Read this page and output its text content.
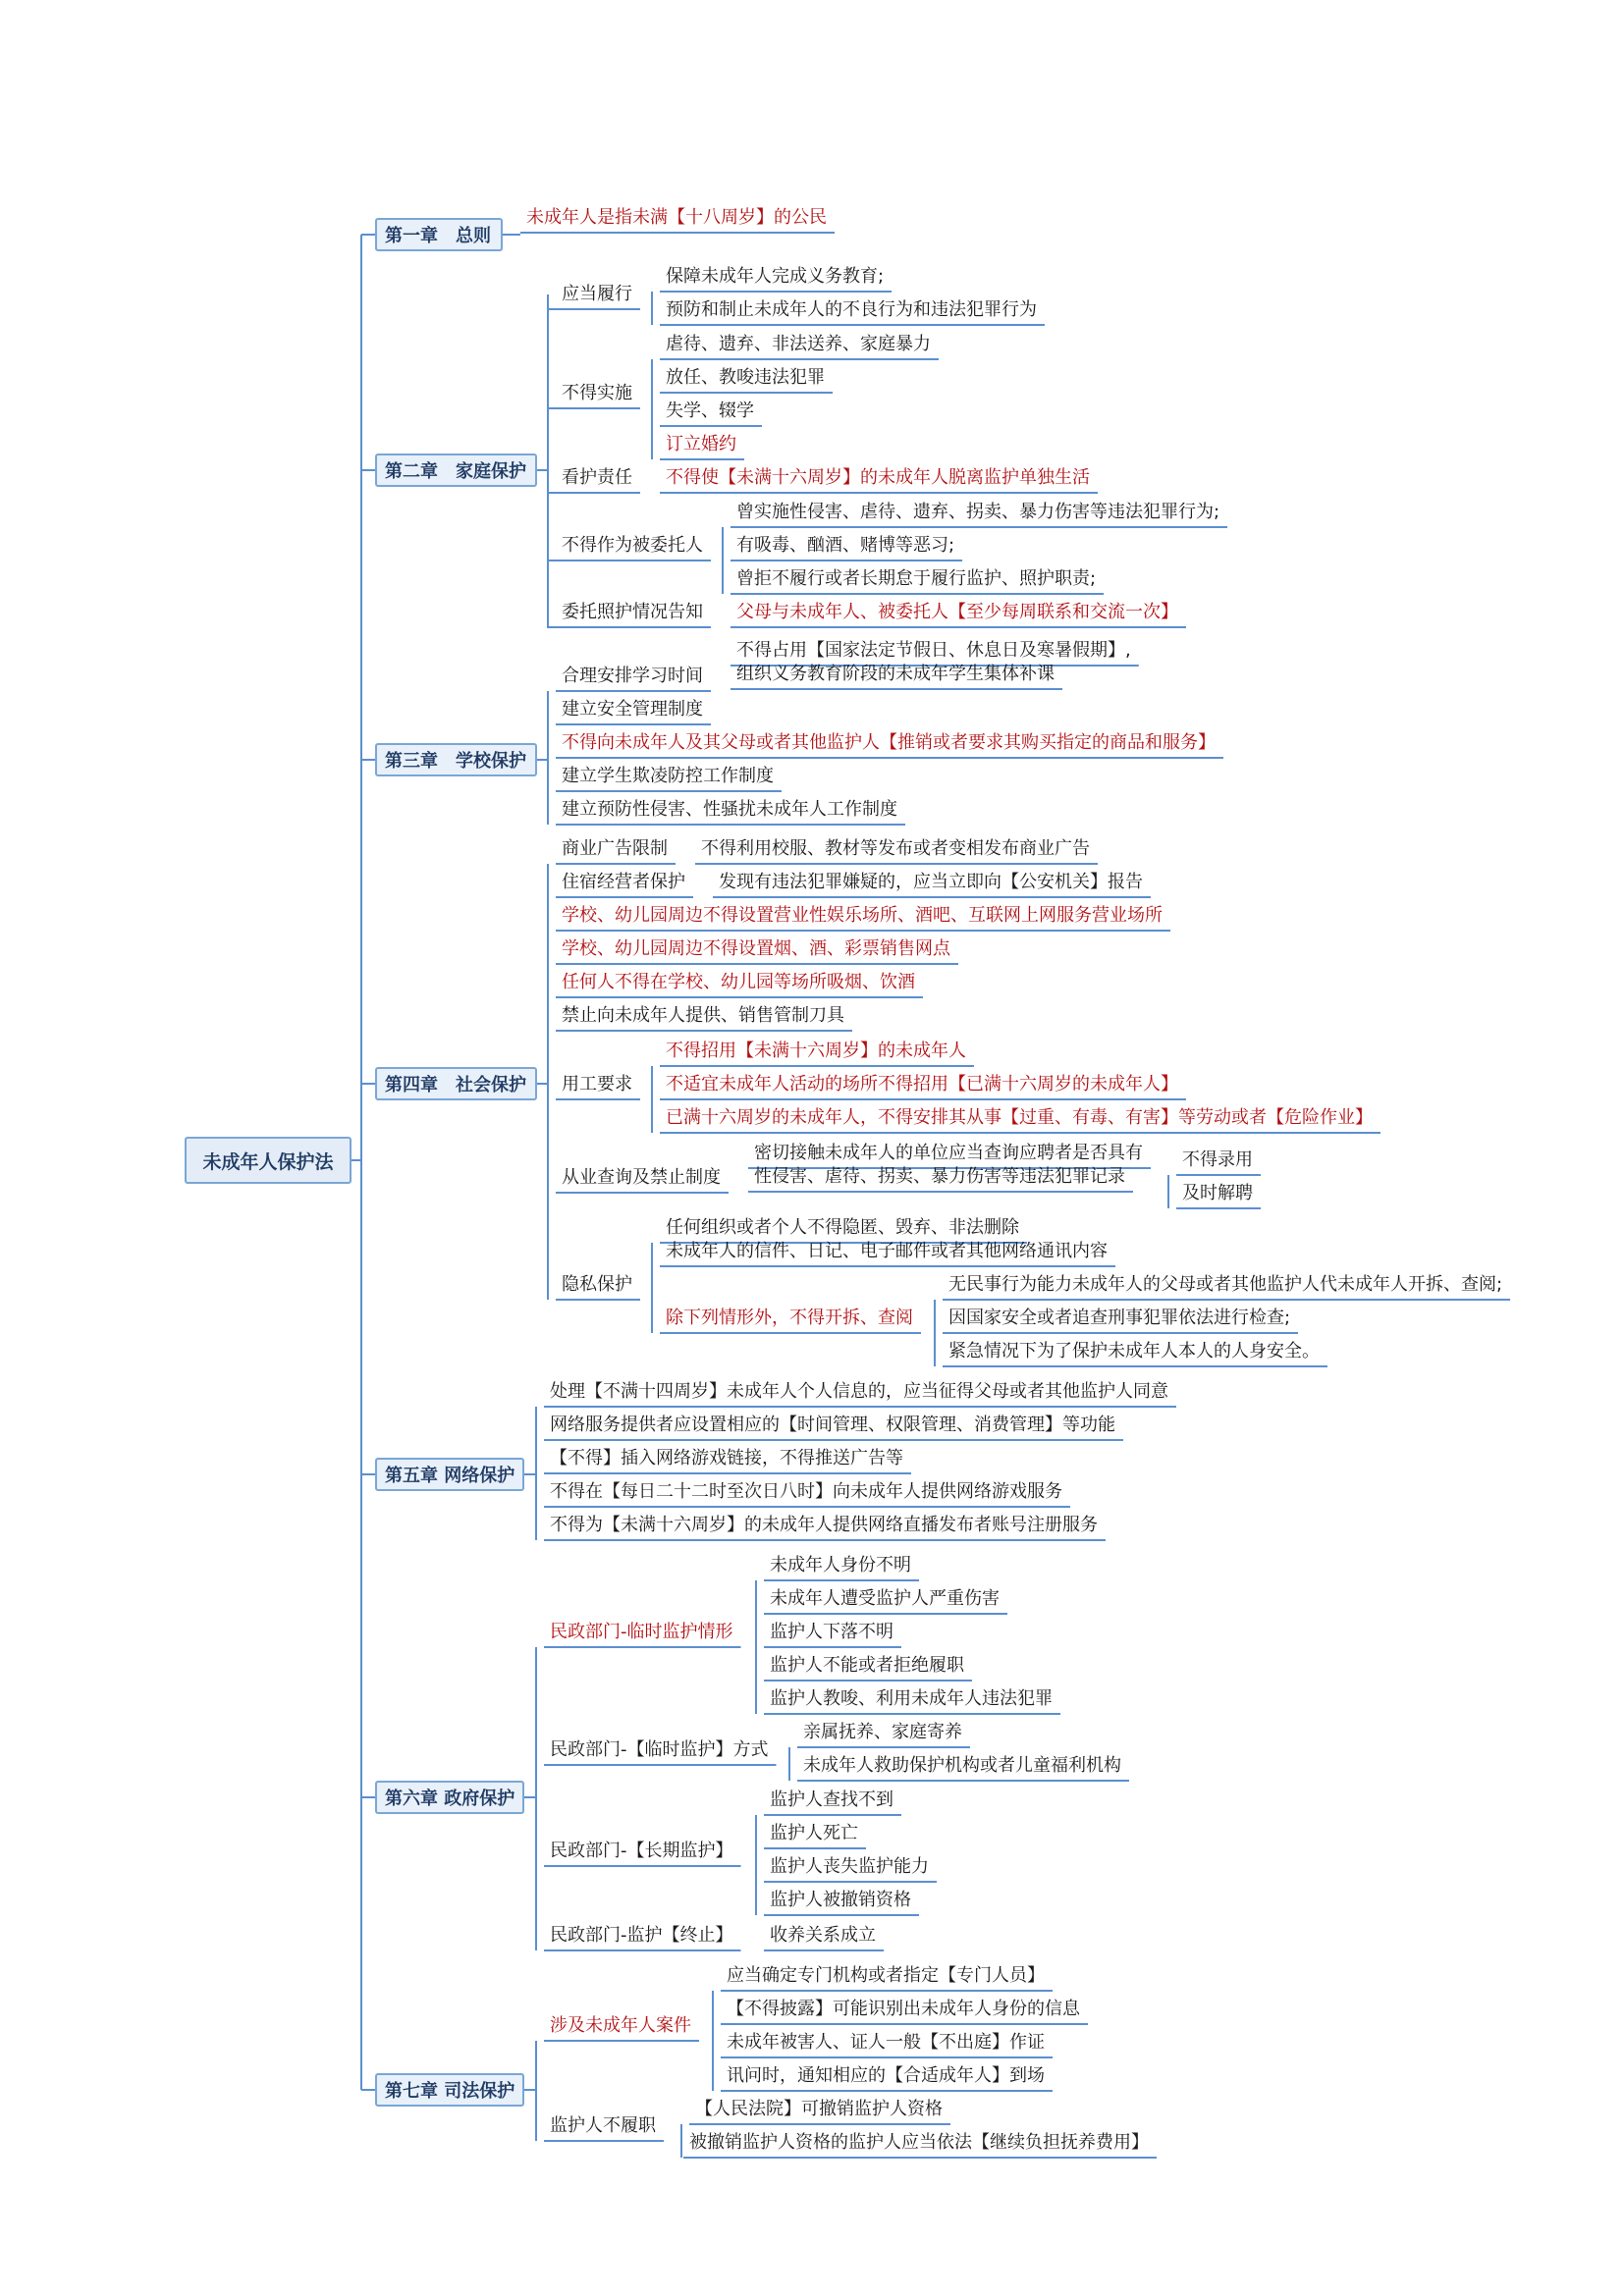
未成年人保护法
第一章　总则
第二章　家庭保护
第三章　学校保护
第四章　社会保护
第五章 网络保护
第六章 政府保护
第七章 司法保护
未成年人是指未满【十八周岁】的公民
应当履行
保障未成年人完成义务教育;
预防和制止未成年人的不良行为和违法犯罪行为
不得实施
虐待、遗弃、非法送养、家庭暴力
放任、教唆违法犯罪
失学、辍学
订立婚约
看护责任 不得使【未满十六周岁】的未成年人脱离监护单独生活
不得作为被委托人
曾实施性侵害、虐待、遗弃、拐卖、暴力伤害等违法犯罪行为;
有吸毒、酗酒、赌博等恶习;
曾拒不履行或者长期怠于履行监护、照护职责;
委托照护情况告知 父母与未成年人、被委托人【至少每周联系和交流一次】
合理安排学习时间
不得占用【国家法定节假日、休息日及寒暑假期】,
组织义务教育阶段的未成年学生集体补课
建立安全管理制度
不得向未成年人及其父母或者其他监护人【推销或者要求其购买指定的商品和服务】
建立学生欺凌防控工作制度
建立预防性侵害、性骚扰未成年人工作制度
商业广告限制 不得利用校服、教材等发布或者变相发布商业广告
住宿经营者保护 发现有违法犯罪嫌疑的，应当立即向【公安机关】报告
学校、幼儿园周边不得设置营业性娱乐场所、酒吧、互联网上网服务营业场所
学校、幼儿园周边不得设置烟、酒、彩票销售网点
任何人不得在学校、幼儿园等场所吸烟、饮酒
禁止向未成年人提供、销售管制刀具
用工要求
不得招用【未满十六周岁】的未成年人
不适宜未成年人活动的场所不得招用【已满十六周岁的未成年人】
已满十六周岁的未成年人，不得安排其从事【过重、有毒、有害】等劳动或者【危险作业】
从业查询及禁止制度
密切接触未成年人的单位应当查询应聘者是否具有
性侵害、虐待、拐卖、暴力伤害等违法犯罪记录
不得录用
及时解聘
隐私保护
任何组织或者个人不得隐匿、毁弃、非法删除
未成年人的信件、日记、电子邮件或者其他网络通讯内容
除下列情形外，不得开拆、查阅
无民事行为能力未成年人的父母或者其他监护人代未成年人开拆、查阅;
因国家安全或者追查刑事犯罪依法进行检查;
紧急情况下为了保护未成年人本人的人身安全。
处理【不满十四周岁】未成年人个人信息的，应当征得父母或者其他监护人同意
网络服务提供者应设置相应的【时间管理、权限管理、消费管理】等功能
【不得】插入网络游戏链接，不得推送广告等
不得在【每日二十二时至次日八时】向未成年人提供网络游戏服务
不得为【未满十六周岁】的未成年人提供网络直播发布者账号注册服务
民政部门-临时监护情形
未成年人身份不明
未成年人遭受监护人严重伤害
监护人下落不明
监护人不能或者拒绝履职
监护人教唆、利用未成年人违法犯罪
民政部门-【临时监护】方式
亲属抚养、家庭寄养
未成年人救助保护机构或者儿童福利机构
民政部门-【长期监护】
监护人查找不到
监护人死亡
监护人丧失监护能力
监护人被撤销资格
民政部门-监护【终止】 收养关系成立
涉及未成年人案件
应当确定专门机构或者指定【专门人员】
【不得披露】可能识别出未成年人身份的信息
未成年被害人、证人一般【不出庭】作证
讯问时，通知相应的【合适成年人】到场
监护人不履职
【人民法院】可撤销监护人资格
被撤销监护人资格的监护人应当依法【继续负担抚养费用】
